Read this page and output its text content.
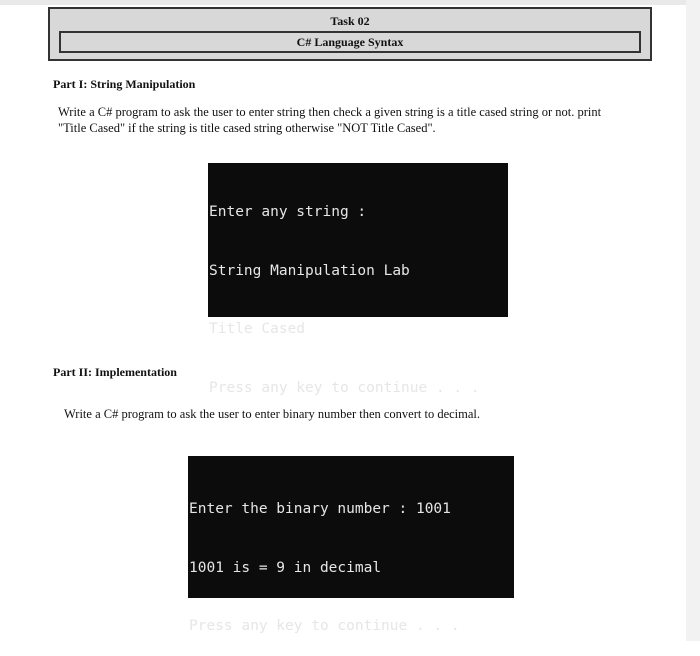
Task 02
C# Language Syntax
Part I: String Manipulation
Write a C# program to ask the user to enter string then check a given string is a title cased string or not. print
"Title Cased" if the string is title cased string otherwise "NOT Title Cased".

Enter any string :

String Manipulation Lab

Title Cased

Press any key to continue . . .

Part II: Implementation
Write a C# program to ask the user to enter binary number then convert to decimal.

Enter the binary number : 1001

1001 is = 9 in decimal

Press any key to continue . . .
